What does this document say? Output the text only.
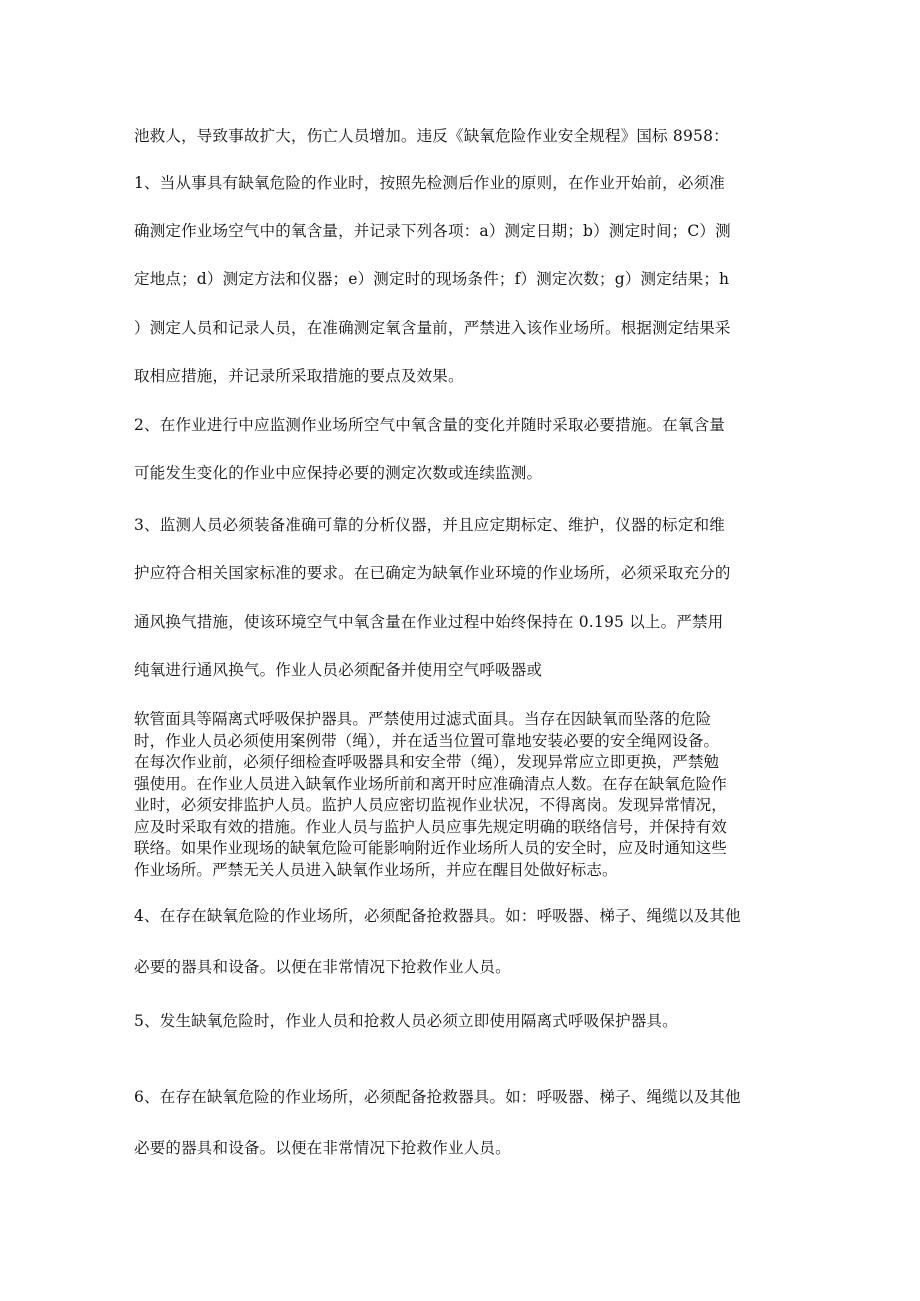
池救人，导致事故扩大，伤亡人员增加。违反《缺氧危险作业安全规程》国标 8958：
1、当从事具有缺氧危险的作业时，按照先检测后作业的原则，在作业开始前，必须准
确测定作业场空气中的氧含量，并记录下列各项：a）测定日期；b）测定时间；C）测
定地点；d）测定方法和仪器；e）测定时的现场条件；f）测定次数；g）测定结果；h
）测定人员和记录人员，在准确测定氧含量前，严禁进入该作业场所。根据测定结果采
取相应措施，并记录所采取措施的要点及效果。
2、在作业进行中应监测作业场所空气中氧含量的变化并随时采取必要措施。在氧含量
可能发生变化的作业中应保持必要的测定次数或连续监测。
3、监测人员必须装备准确可靠的分析仪器，并且应定期标定、维护，仪器的标定和维
护应符合相关国家标准的要求。在已确定为缺氧作业环境的作业场所，必须采取充分的
通风换气措施，使该环境空气中氧含量在作业过程中始终保持在 0.195 以上。严禁用
纯氧进行通风换气。作业人员必须配备并使用空气呼吸器或
软管面具等隔离式呼吸保护器具。严禁使用过滤式面具。当存在因缺氧而坠落的危险
时，作业人员必须使用案例带（绳），并在适当位置可靠地安装必要的安全绳网设备。
在每次作业前，必须仔细检查呼吸器具和安全带（绳），发现异常应立即更换，严禁勉
强使用。在作业人员进入缺氧作业场所前和离开时应准确清点人数。在存在缺氧危险作
业时，必须安排监护人员。监护人员应密切监视作业状况，不得离岗。发现异常情况，
应及时采取有效的措施。作业人员与监护人员应事先规定明确的联络信号，并保持有效
联络。如果作业现场的缺氧危险可能影响附近作业场所人员的安全时，应及时通知这些
作业场所。严禁无关人员进入缺氧作业场所，并应在醒目处做好标志。
4、在存在缺氧危险的作业场所，必须配备抢救器具。如：呼吸器、梯子、绳缆以及其他
必要的器具和设备。以便在非常情况下抢救作业人员。
5、发生缺氧危险时，作业人员和抢救人员必须立即使用隔离式呼吸保护器具。
6、在存在缺氧危险的作业场所，必须配备抢救器具。如：呼吸器、梯子、绳缆以及其他
必要的器具和设备。以便在非常情况下抢救作业人员。
